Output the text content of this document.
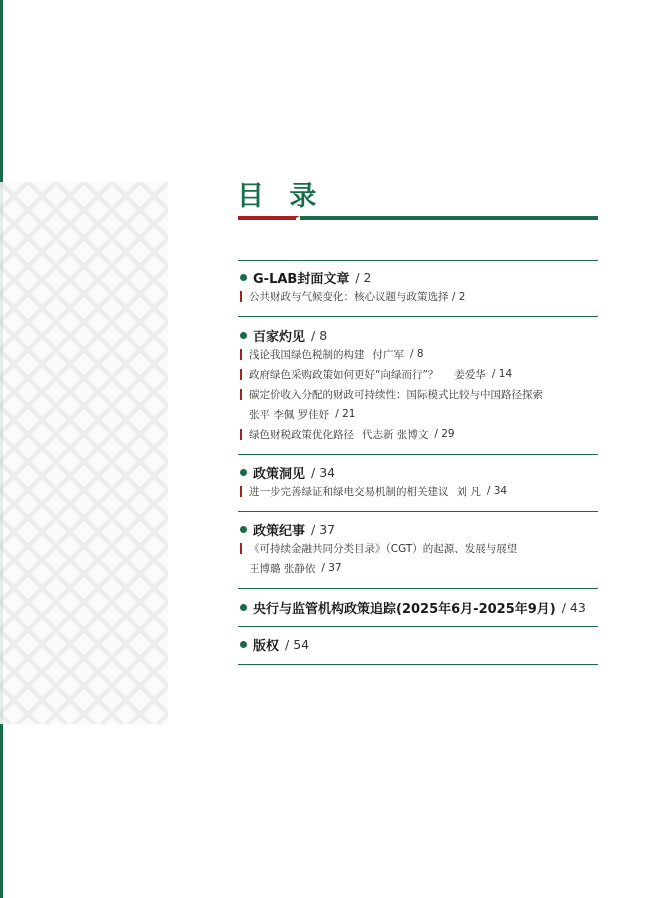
目 录
G-LAB封面文章 / 2
公共财政与气候变化：核心议题与政策选择 / 2
百家灼见 / 8
浅论我国绿色税制的构建 付广军 / 8
政府绿色采购政策如何更好“向绿而行”？ 姜爱华 / 14
碳定价收入分配的财政可持续性：国际模式比较与中国路径探索
张平 李佩 罗佳妤 / 21
绿色财税政策优化路径 代志新 张博文 / 29
政策洞见 / 34
进一步完善绿证和绿电交易机制的相关建议 刘 凡 / 34
政策纪事 / 37
《可持续金融共同分类目录》（CGT）的起源、发展与展望
王博璐 张静依 / 37
央行与监管机构政策追踪(2025年6月-2025年9月) / 43
版权 / 54
